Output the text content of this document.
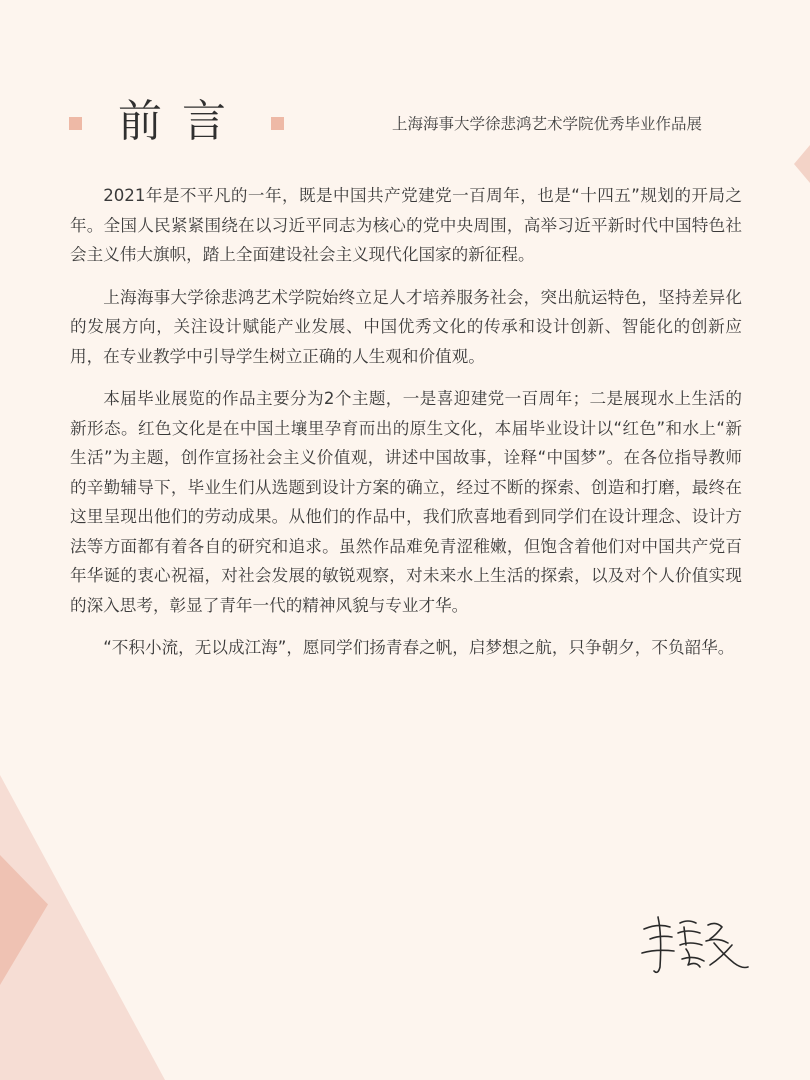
前言	上海海事大学徐悲鸿艺术学院优秀毕业作品展

2021年是不平凡的一年，既是中国共产党建党一百周年，也是“十四五”规划的开局之年。全国人民紧紧围绕在以习近平同志为核心的党中央周围，高举习近平新时代中国特色社会主义伟大旗帜，踏上全面建设社会主义现代化国家的新征程。

上海海事大学徐悲鸿艺术学院始终立足人才培养服务社会，突出航运特色，坚持差异化的发展方向，关注设计赋能产业发展、中国优秀文化的传承和设计创新、智能化的创新应用，在专业教学中引导学生树立正确的人生观和价值观。

本届毕业展览的作品主要分为2个主题，一是喜迎建党一百周年；二是展现水上生活的新形态。红色文化是在中国土壤里孕育而出的原生文化，本届毕业设计以“红色”和水上“新生活”为主题，创作宣扬社会主义价值观，讲述中国故事，诠释“中国梦”。在各位指导教师的辛勤辅导下，毕业生们从选题到设计方案的确立，经过不断的探索、创造和打磨，最终在这里呈现出他们的劳动成果。从他们的作品中，我们欣喜地看到同学们在设计理念、设计方法等方面都有着各自的研究和追求。虽然作品难免青涩稚嫩，但饱含着他们对中国共产党百年华诞的衷心祝福，对社会发展的敏锐观察，对未来水上生活的探索，以及对个人价值实现的深入思考，彰显了青年一代的精神风貌与专业才华。

“不积小流，无以成江海”，愿同学们扬青春之帆，启梦想之航，只争朝夕，不负韶华。
